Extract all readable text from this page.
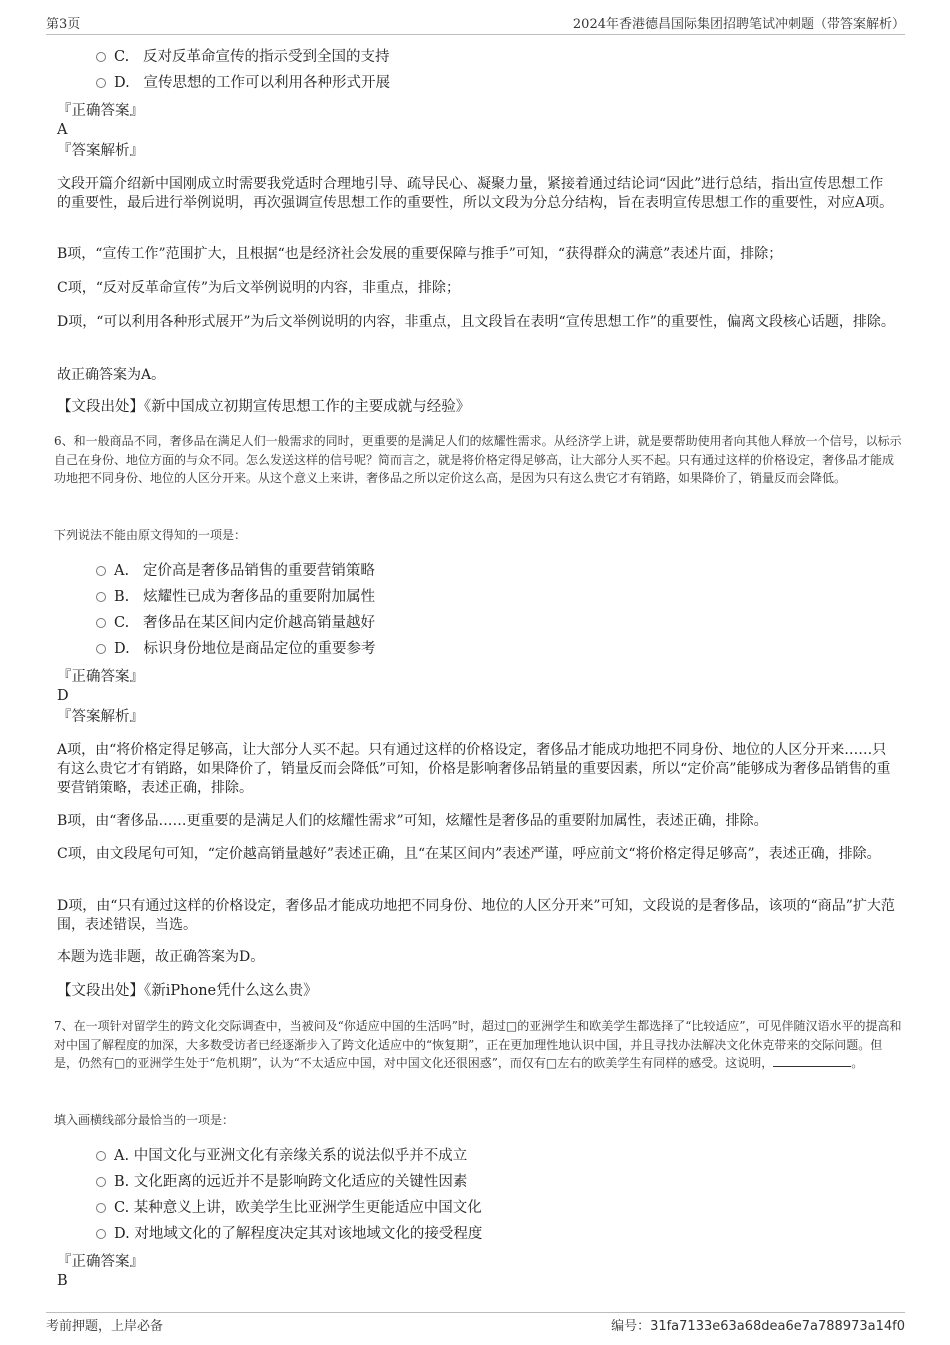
第3页	2024年香港德昌国际集团招聘笔试冲刺题（带答案解析）
C. 反对反革命宣传的指示受到全国的支持
D. 宣传思想的工作可以利用各种形式开展
『正确答案』
A
『答案解析』
文段开篇介绍新中国刚成立时需要我党适时合理地引导、疏导民心、凝聚力量，紧接着通过结论词“因此”进行总结，指出宣传思想工作的重要性，最后进行举例说明，再次强调宣传思想工作的重要性，所以文段为分总分结构，旨在表明宣传思想工作的重要性，对应A项。
B项，“宣传工作”范围扩大，且根据“也是经济社会发展的重要保障与推手”可知，“获得群众的满意”表述片面，排除；
C项，“反对反革命宣传”为后文举例说明的内容，非重点，排除；
D项，“可以利用各种形式展开”为后文举例说明的内容，非重点，且文段旨在表明“宣传思想工作”的重要性，偏离文段核心话题，排除。
故正确答案为A。
【文段出处】《新中国成立初期宣传思想工作的主要成就与经验》
6、和一般商品不同，奢侈品在满足人们一般需求的同时，更重要的是满足人们的炫耀性需求。从经济学上讲，就是要帮助使用者向其他人释放一个信号，以标示自己在身份、地位方面的与众不同。怎么发送这样的信号呢？简而言之，就是将价格定得足够高，让大部分人买不起。只有通过这样的价格设定，奢侈品才能成功地把不同身份、地位的人区分开来。从这个意义上来讲，奢侈品之所以定价这么高，是因为只有这么贵它才有销路，如果降价了，销量反而会降低。
下列说法不能由原文得知的一项是：
A. 定价高是奢侈品销售的重要营销策略
B. 炫耀性已成为奢侈品的重要附加属性
C. 奢侈品在某区间内定价越高销量越好
D. 标识身份地位是商品定位的重要参考
『正确答案』
D
『答案解析』
A项，由“将价格定得足够高，让大部分人买不起。只有通过这样的价格设定，奢侈品才能成功地把不同身份、地位的人区分开来……只有这么贵它才有销路，如果降价了，销量反而会降低”可知，价格是影响奢侈品销量的重要因素，所以“定价高”能够成为奢侈品销售的重要营销策略，表述正确，排除。
B项，由“奢侈品……更重要的是满足人们的炫耀性需求”可知，炫耀性是奢侈品的重要附加属性，表述正确，排除。
C项，由文段尾句可知，“定价越高销量越好”表述正确，且“在某区间内”表述严谨，呼应前文“将价格定得足够高”，表述正确，排除。
D项，由“只有通过这样的价格设定，奢侈品才能成功地把不同身份、地位的人区分开来”可知，文段说的是奢侈品，该项的“商品”扩大范围，表述错误，当选。
本题为选非题，故正确答案为D。
【文段出处】《新iPhone凭什么这么贵》
7、在一项针对留学生的跨文化交际调查中，当被问及“你适应中国的生活吗”时，超过□的亚洲学生和欧美学生都选择了“比较适应”，可见伴随汉语水平的提高和对中国了解程度的加深，大多数受访者已经逐渐步入了跨文化适应中的“恢复期”，正在更加理性地认识中国，并且寻找办法解决文化休克带来的交际问题。但是，仍然有□的亚洲学生处于“危机期”，认为“不太适应中国，对中国文化还很困惑”，而仅有□左右的欧美学生有同样的感受。这说明，	。
填入画横线部分最恰当的一项是：
A. 中国文化与亚洲文化有亲缘关系的说法似乎并不成立
B. 文化距离的远近并不是影响跨文化适应的关键性因素
C. 某种意义上讲，欧美学生比亚洲学生更能适应中国文化
D. 对地域文化的了解程度决定其对该地域文化的接受程度
『正确答案』
B
考前押题，上岸必备	编号：31fa7133e63a68dea6e7a788973a14f0
